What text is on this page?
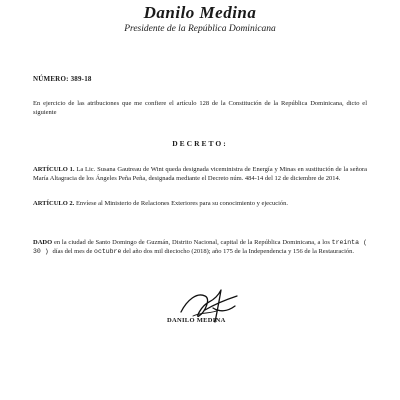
Danilo Medina
Presidente de la República Dominicana
NÚMERO: 389-18
En ejercicio de las atribuciones que me confiere el artículo 128 de la Constitución de la República Dominicana, dicto el siguiente
DECRETO:
ARTÍCULO 1. La Lic. Susana Gautreau de Wint queda designada viceministra de Energía y Minas en sustitución de la señora María Altagracia de los Ángeles Peña Peña, designada mediante el Decreto núm. 484-14 del 12 de diciembre de 2014.
ARTÍCULO 2. Envíese al Ministerio de Relaciones Exteriores para su conocimiento y ejecución.
DADO en la ciudad de Santo Domingo de Guzmán, Distrito Nacional, capital de la República Dominicana, a los treinta ( 30 ) días del mes de octubre del año dos mil dieciocho (2018); año 175 de la Independencia y 156 de la Restauración.
DANILO MEDINA
